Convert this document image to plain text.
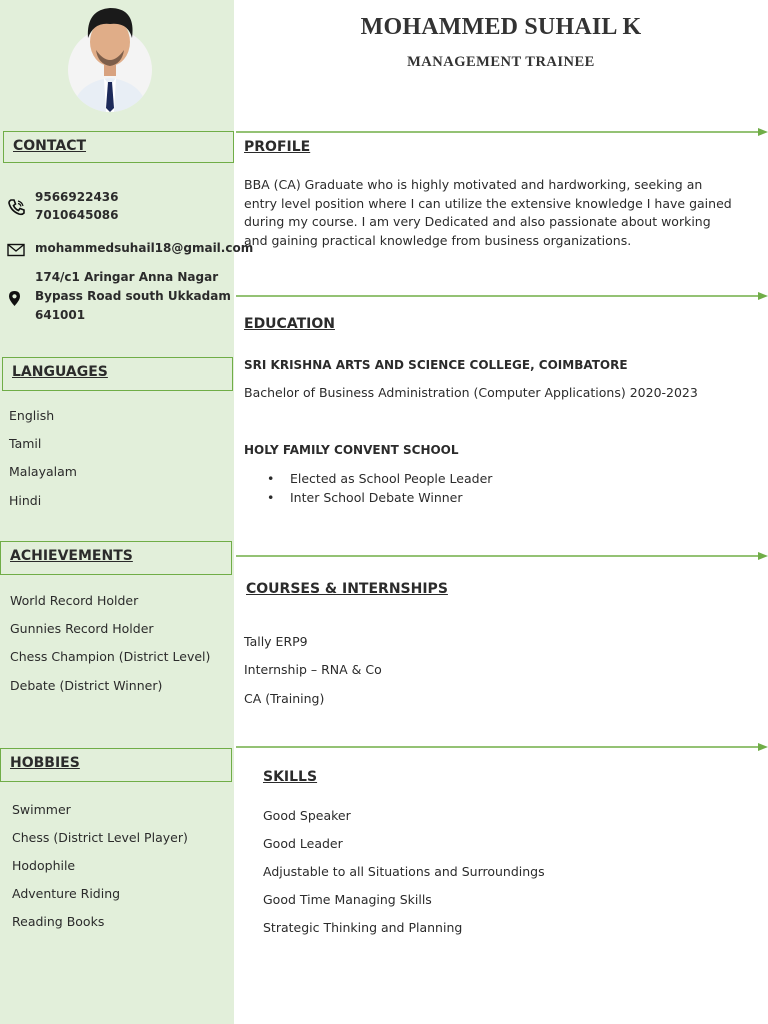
CONTACT
9566922436
7010645086
mohammedsuhail18@gmail.com
174/c1 Aringar Anna Nagar
Bypass Road south Ukkadam
641001
LANGUAGES
English
Tamil
Malayalam
Hindi
ACHIEVEMENTS
World Record Holder
Gunnies Record Holder
Chess Champion (District Level)
Debate (District Winner)
HOBBIES
Swimmer
Chess (District Level Player)
Hodophile
Adventure Riding
Reading Books
MOHAMMED SUHAIL K
MANAGEMENT TRAINEE
PROFILE
BBA (CA) Graduate who is highly motivated and hardworking, seeking an entry level position where I can utilize the extensive knowledge I have gained during my course. I am very Dedicated and also passionate about working and gaining practical knowledge from business organizations.
EDUCATION
SRI KRISHNA ARTS AND SCIENCE COLLEGE, COIMBATORE
Bachelor of Business Administration (Computer Applications) 2020-2023
HOLY FAMILY CONVENT SCHOOL
• Elected as School People Leader
• Inter School Debate Winner
COURSES & INTERNSHIPS
Tally ERP9
Internship – RNA & Co
CA (Training)
SKILLS
Good Speaker
Good Leader
Adjustable to all Situations and Surroundings
Good Time Managing Skills
Strategic Thinking and Planning
